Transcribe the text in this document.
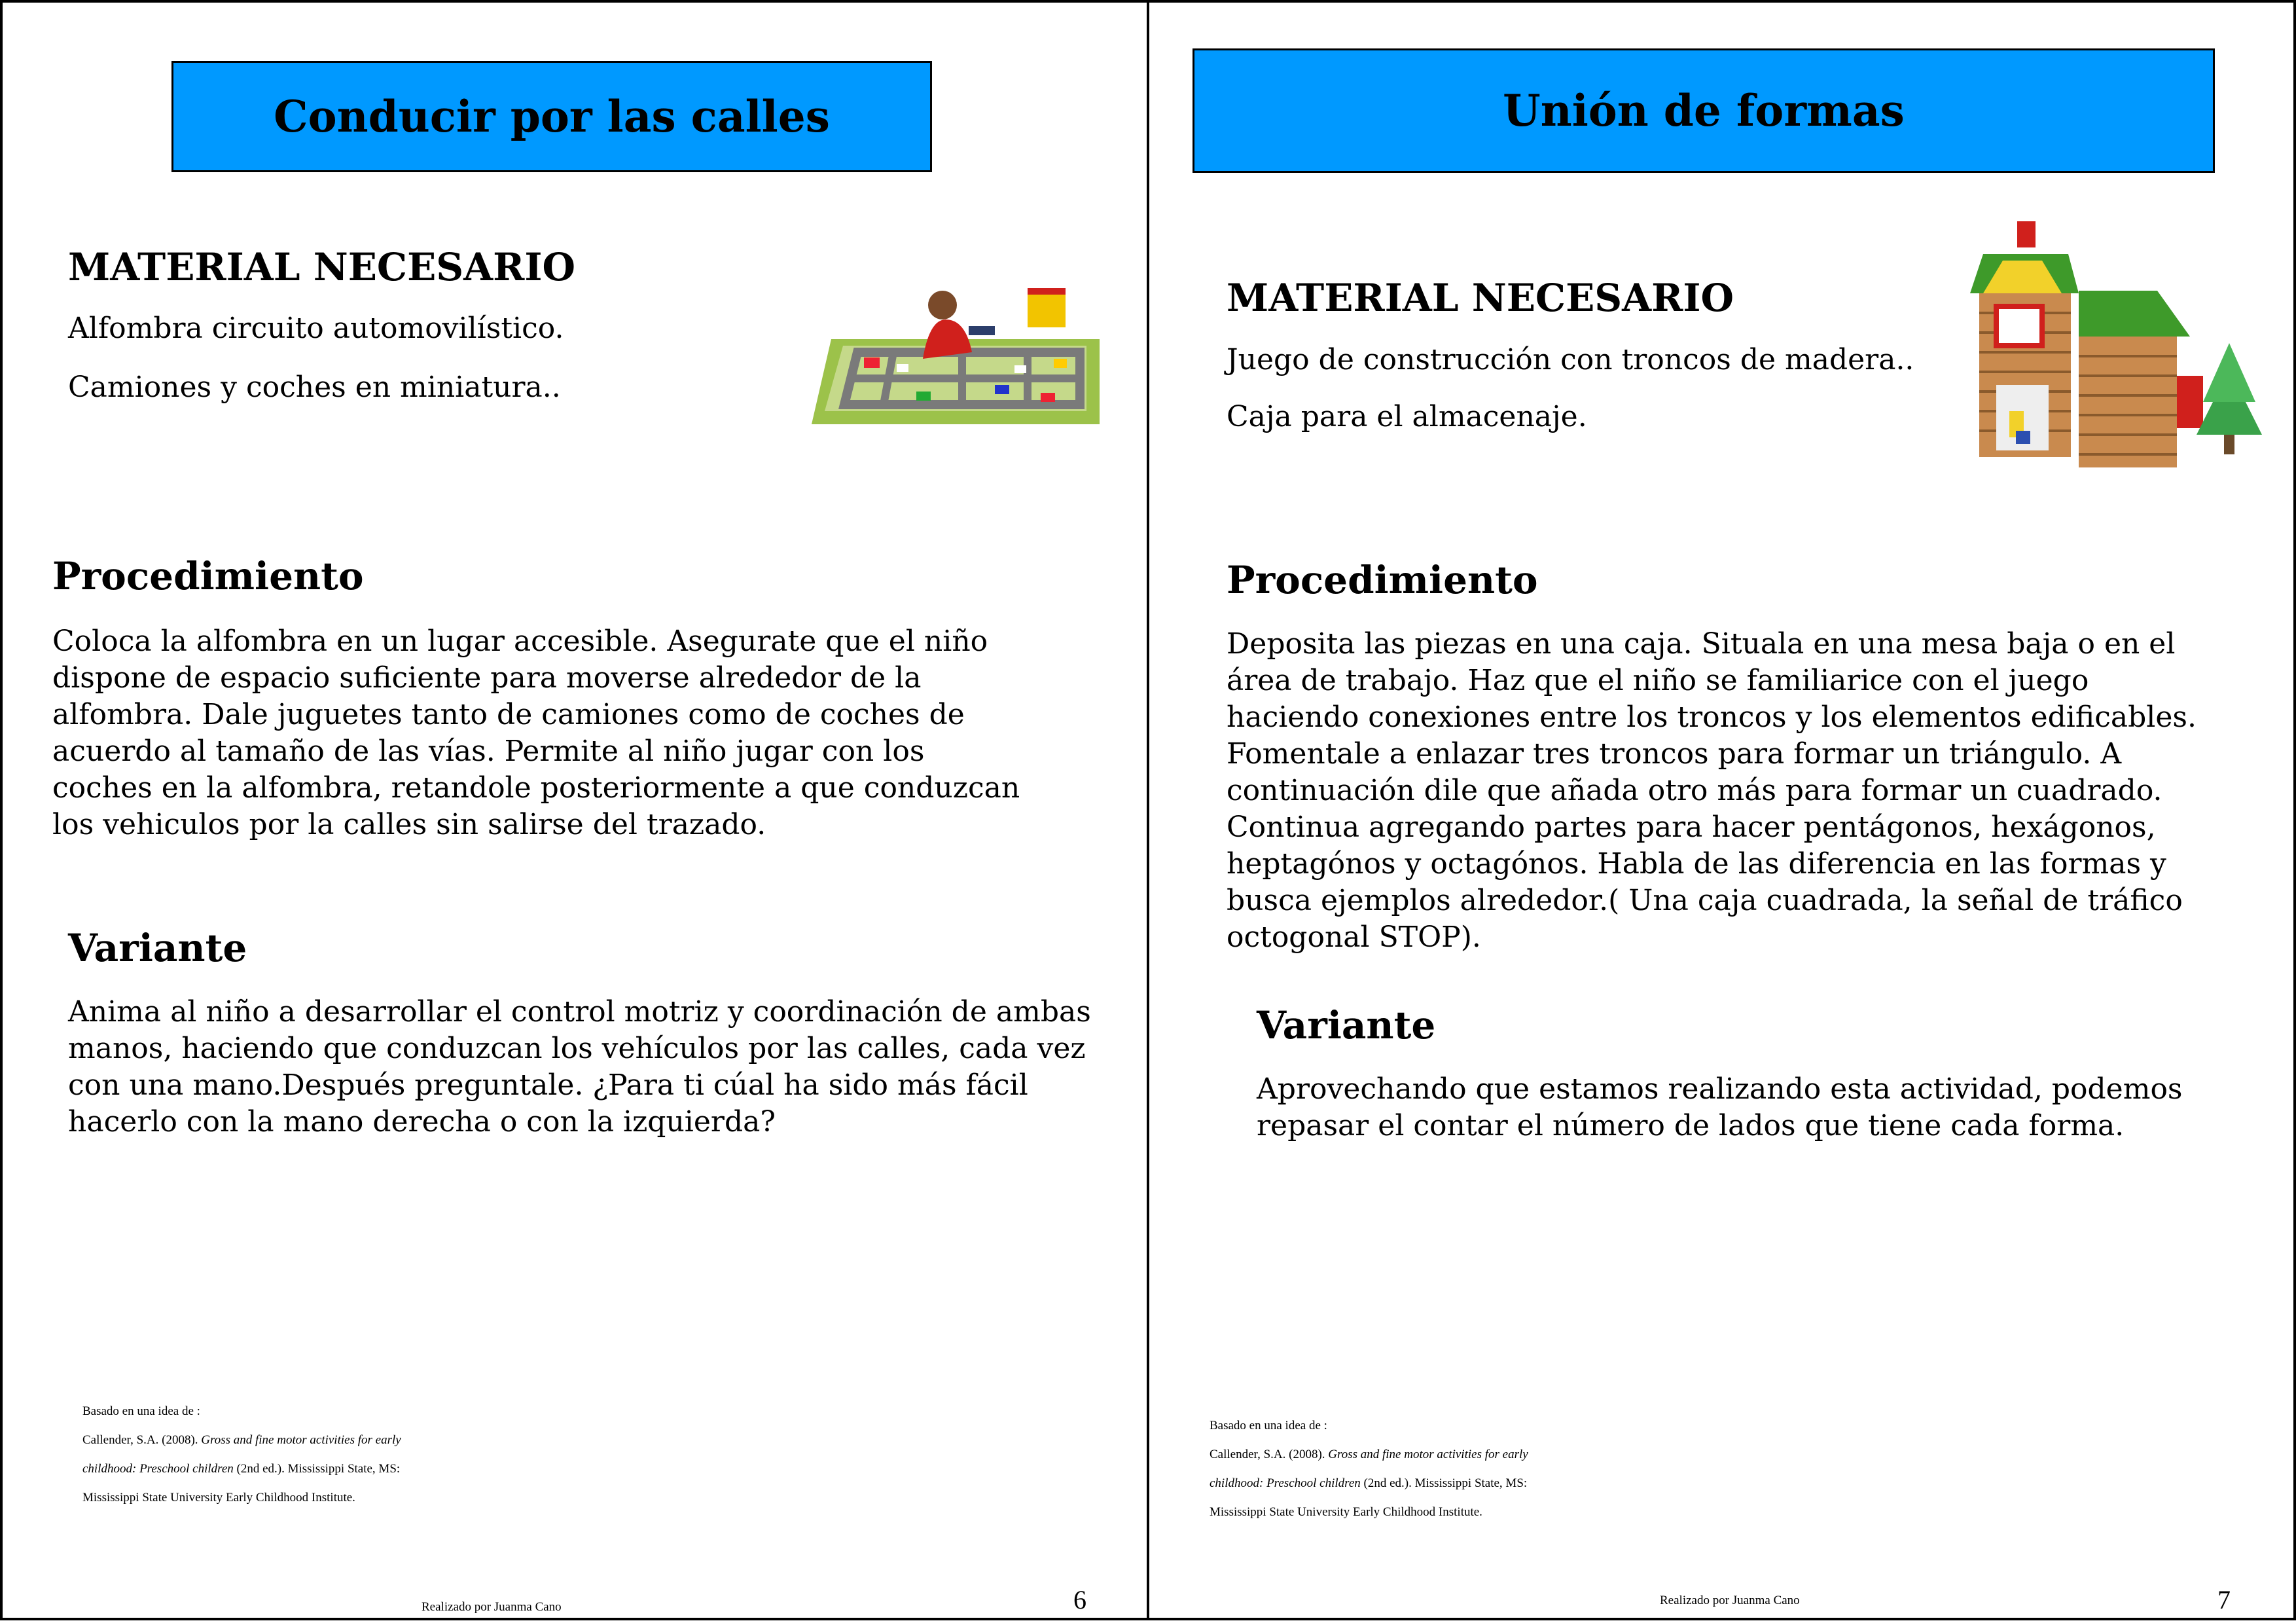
Conducir por las calles
MATERIAL NECESARIO

Alfombra circuito automovilístico.

Camiones y coches en miniatura..

Procedimiento

Coloca la alfombra en un lugar accesible. Asegurate que el niño
dispone de espacio suficiente para moverse alrededor de la
alfombra. Dale juguetes tanto de camiones como de coches de
acuerdo al tamaño de las vías. Permite al niño jugar con los
coches en la alfombra, retandole posteriormente a que conduzcan
los vehiculos por la calles sin salirse del trazado.

Variante

Anima al niño a desarrollar el control motriz y coordinación de ambas
manos, haciendo que conduzcan los vehículos por las calles, cada vez
con una mano.Después preguntale. ¿Para ti cúal ha sido más fácil
hacerlo con la mano derecha o con la izquierda?

Basado en una idea de :
Callender, S.A. (2008). Gross and fine motor activities for early
childhood: Preschool children (2nd ed.). Mississippi State, MS:
Mississippi State University Early Childhood Institute.
Realizado por Juanma Cano	6
Unión de formas
MATERIAL NECESARIO

Juego de construcción con troncos de madera..

Caja para el almacenaje.

Procedimiento

Deposita las piezas en una caja. Situala en una mesa baja o en el
área de trabajo. Haz que el niño se familiarice con el juego
haciendo conexiones entre los troncos y los elementos edificables.
Fomentale a enlazar tres troncos para formar un triángulo. A
continuación dile que añada otro más para formar un cuadrado.
Continua agregando partes para hacer pentágonos, hexágonos,
heptagónos y octagónos. Habla de las diferencia en las formas y
busca ejemplos alrededor.( Una caja cuadrada, la señal de tráfico
octogonal STOP).

Variante

Aprovechando que estamos realizando esta actividad, podemos
repasar el contar el número de lados que tiene cada forma.

Basado en una idea de :
Callender, S.A. (2008). Gross and fine motor activities for early
childhood: Preschool children (2nd ed.). Mississippi State, MS:
Mississippi State University Early Childhood Institute.
Realizado por Juanma Cano	7
